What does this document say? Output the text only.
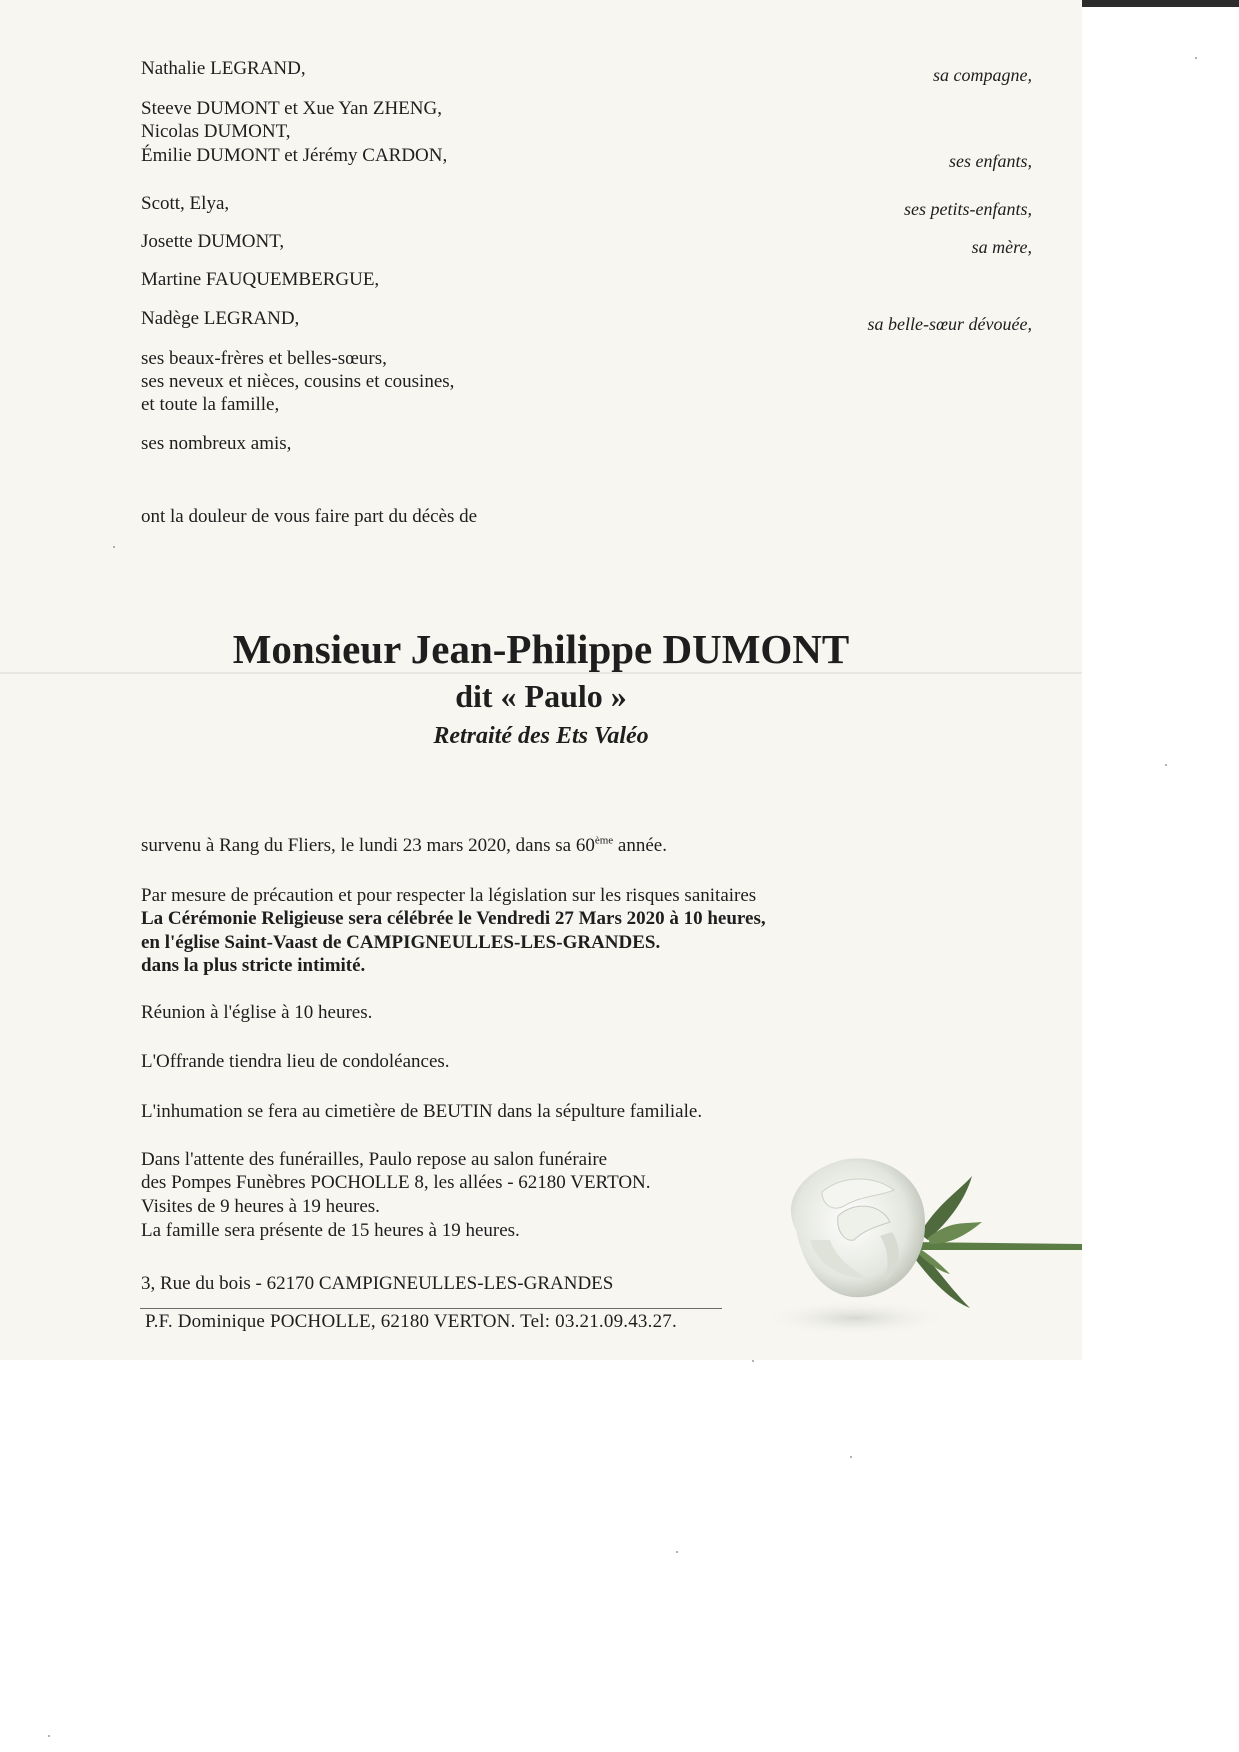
Nathalie LEGRAND,	sa compagne,
Steeve DUMONT et Xue Yan ZHENG,
Nicolas DUMONT,
Émilie DUMONT et Jérémy CARDON,	ses enfants,
Scott, Elya,	ses petits-enfants,
Josette DUMONT,	sa mère,
Martine FAUQUEMBERGUE,
Nadège LEGRAND,	sa belle-sœur dévouée,
ses beaux-frères et belles-sœurs,
ses neveux et nièces, cousins et cousines,
et toute la famille,
ses nombreux amis,
ont la douleur de vous faire part du décès de
Monsieur Jean-Philippe DUMONT
dit « Paulo »
Retraité des Ets Valéo
survenu à Rang du Fliers, le lundi 23 mars 2020, dans sa 60ème année.
Par mesure de précaution et pour respecter la législation sur les risques sanitaires
La Cérémonie Religieuse sera célébrée le Vendredi 27 Mars 2020 à 10 heures,
en l'église Saint-Vaast de CAMPIGNEULLES-LES-GRANDES.
dans la plus stricte intimité.
Réunion à l'église à 10 heures.
L'Offrande tiendra lieu de condoléances.
L'inhumation se fera au cimetière de BEUTIN dans la sépulture familiale.
Dans l'attente des funérailles, Paulo repose au salon funéraire
des Pompes Funèbres POCHOLLE 8, les allées - 62180 VERTON.
Visites de 9 heures à 19 heures.
La famille sera présente de 15 heures à 19 heures.
3, Rue du bois - 62170 CAMPIGNEULLES-LES-GRANDES
P.F. Dominique POCHOLLE, 62180 VERTON. Tel: 03.21.09.43.27.
